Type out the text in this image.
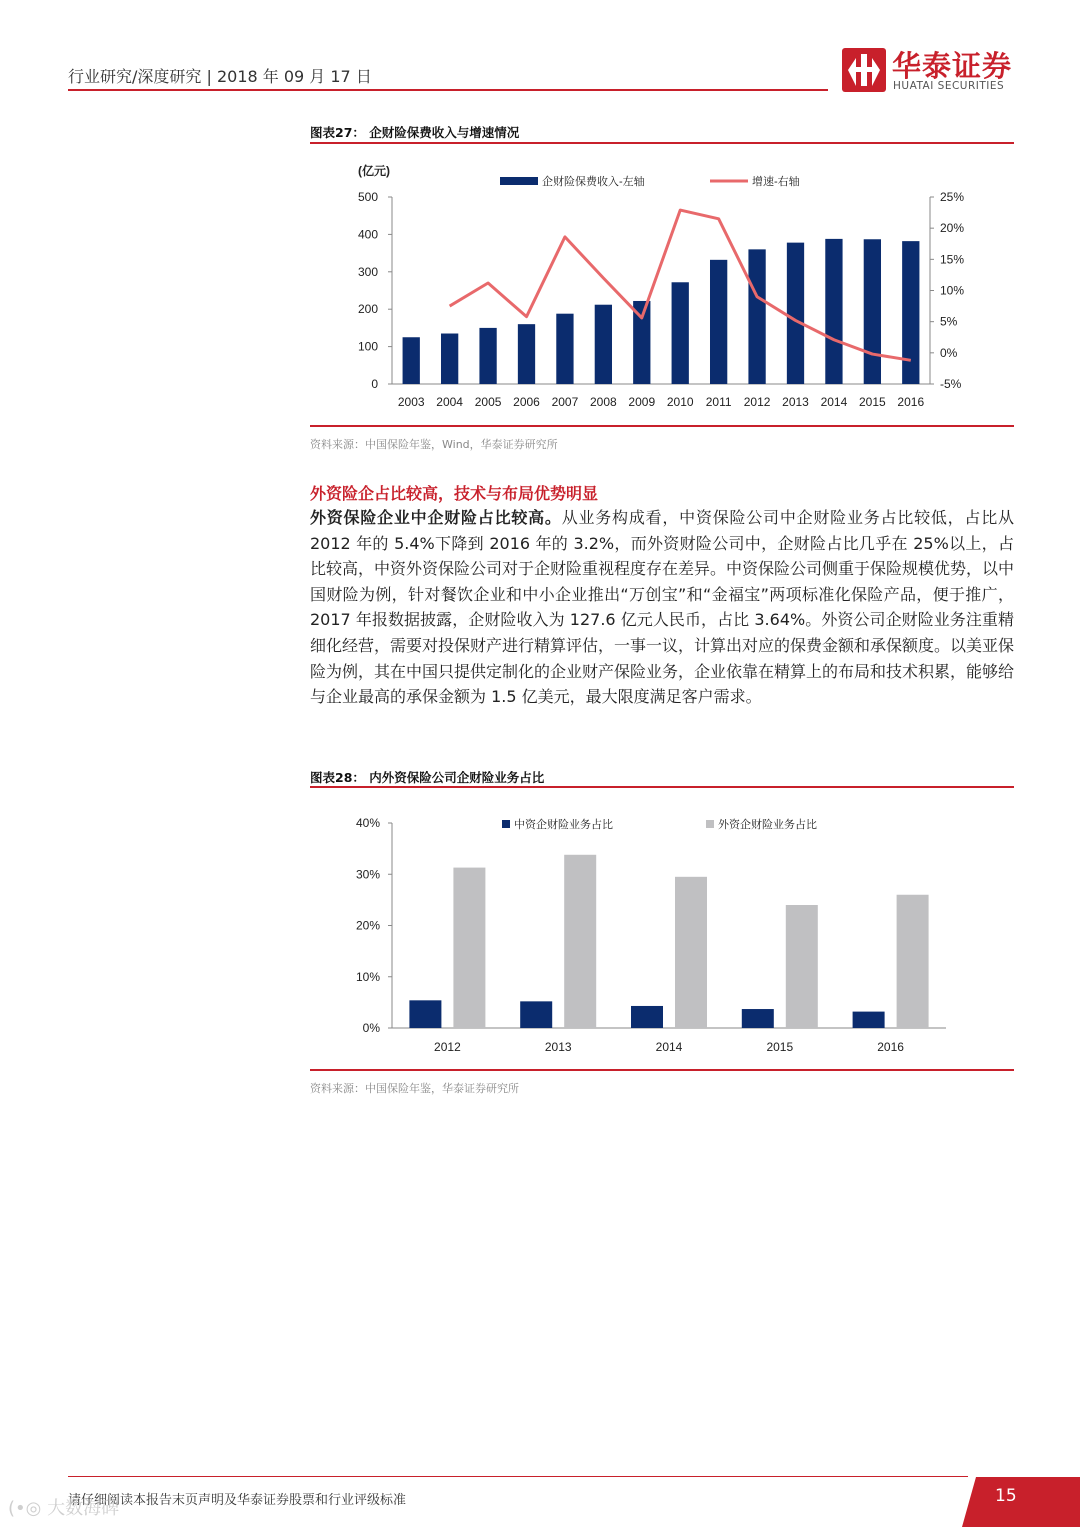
行业研究/深度研究 | 2018 年 09 月 17 日	华泰证券
HUATAI SECURITIES
图表27： 企财险保费收入与增速情况
(亿元)
0
100
200
300
400
500
-5%
0%
5%
10%
15%
20%
25%
2003 2004 2005 2006 2007 2008 2009 2010 2011 2012 2013 2014 2015 2016
企财险保费收入-左轴	增速-右轴
资料来源：中国保险年鉴，Wind，华泰证券研究所
外资险企占比较高，技术与布局优势明显
外资保险企业中企财险占比较高。从业务构成看，中资保险公司中企财险业务占比较低，占比从 2012 年的 5.4%下降到 2016 年的 3.2%，而外资财险公司中，企财险占比几乎在 25%以上，占比较高，中资外资保险公司对于企财险重视程度存在差异。中资保险公司侧重于保险规模优势，以中国财险为例，针对餐饮企业和中小企业推出“万创宝”和“金福宝”两项标准化保险产品，便于推广，2017 年报数据披露，企财险收入为 127.6 亿元人民币，占比 3.64%。外资公司企财险业务注重精细化经营，需要对投保财产进行精算评估，一事一议，计算出对应的保费金额和承保额度。以美亚保险为例，其在中国只提供定制化的企业财产保险业务，企业依靠在精算上的布局和技术积累，能够给与企业最高的承保金额为 1.5 亿美元，最大限度满足客户需求。
图表28： 内外资保险公司企财险业务占比
0%
10%
20%
30%
40%
2012	2013	2014	2015	2016
中资企财险业务占比	外资企财险业务占比
资料来源：中国保险年鉴，华泰证券研究所
请仔细阅读本报告末页声明及华泰证券股票和行业评级标准	15
(•◎ 大数海碑
